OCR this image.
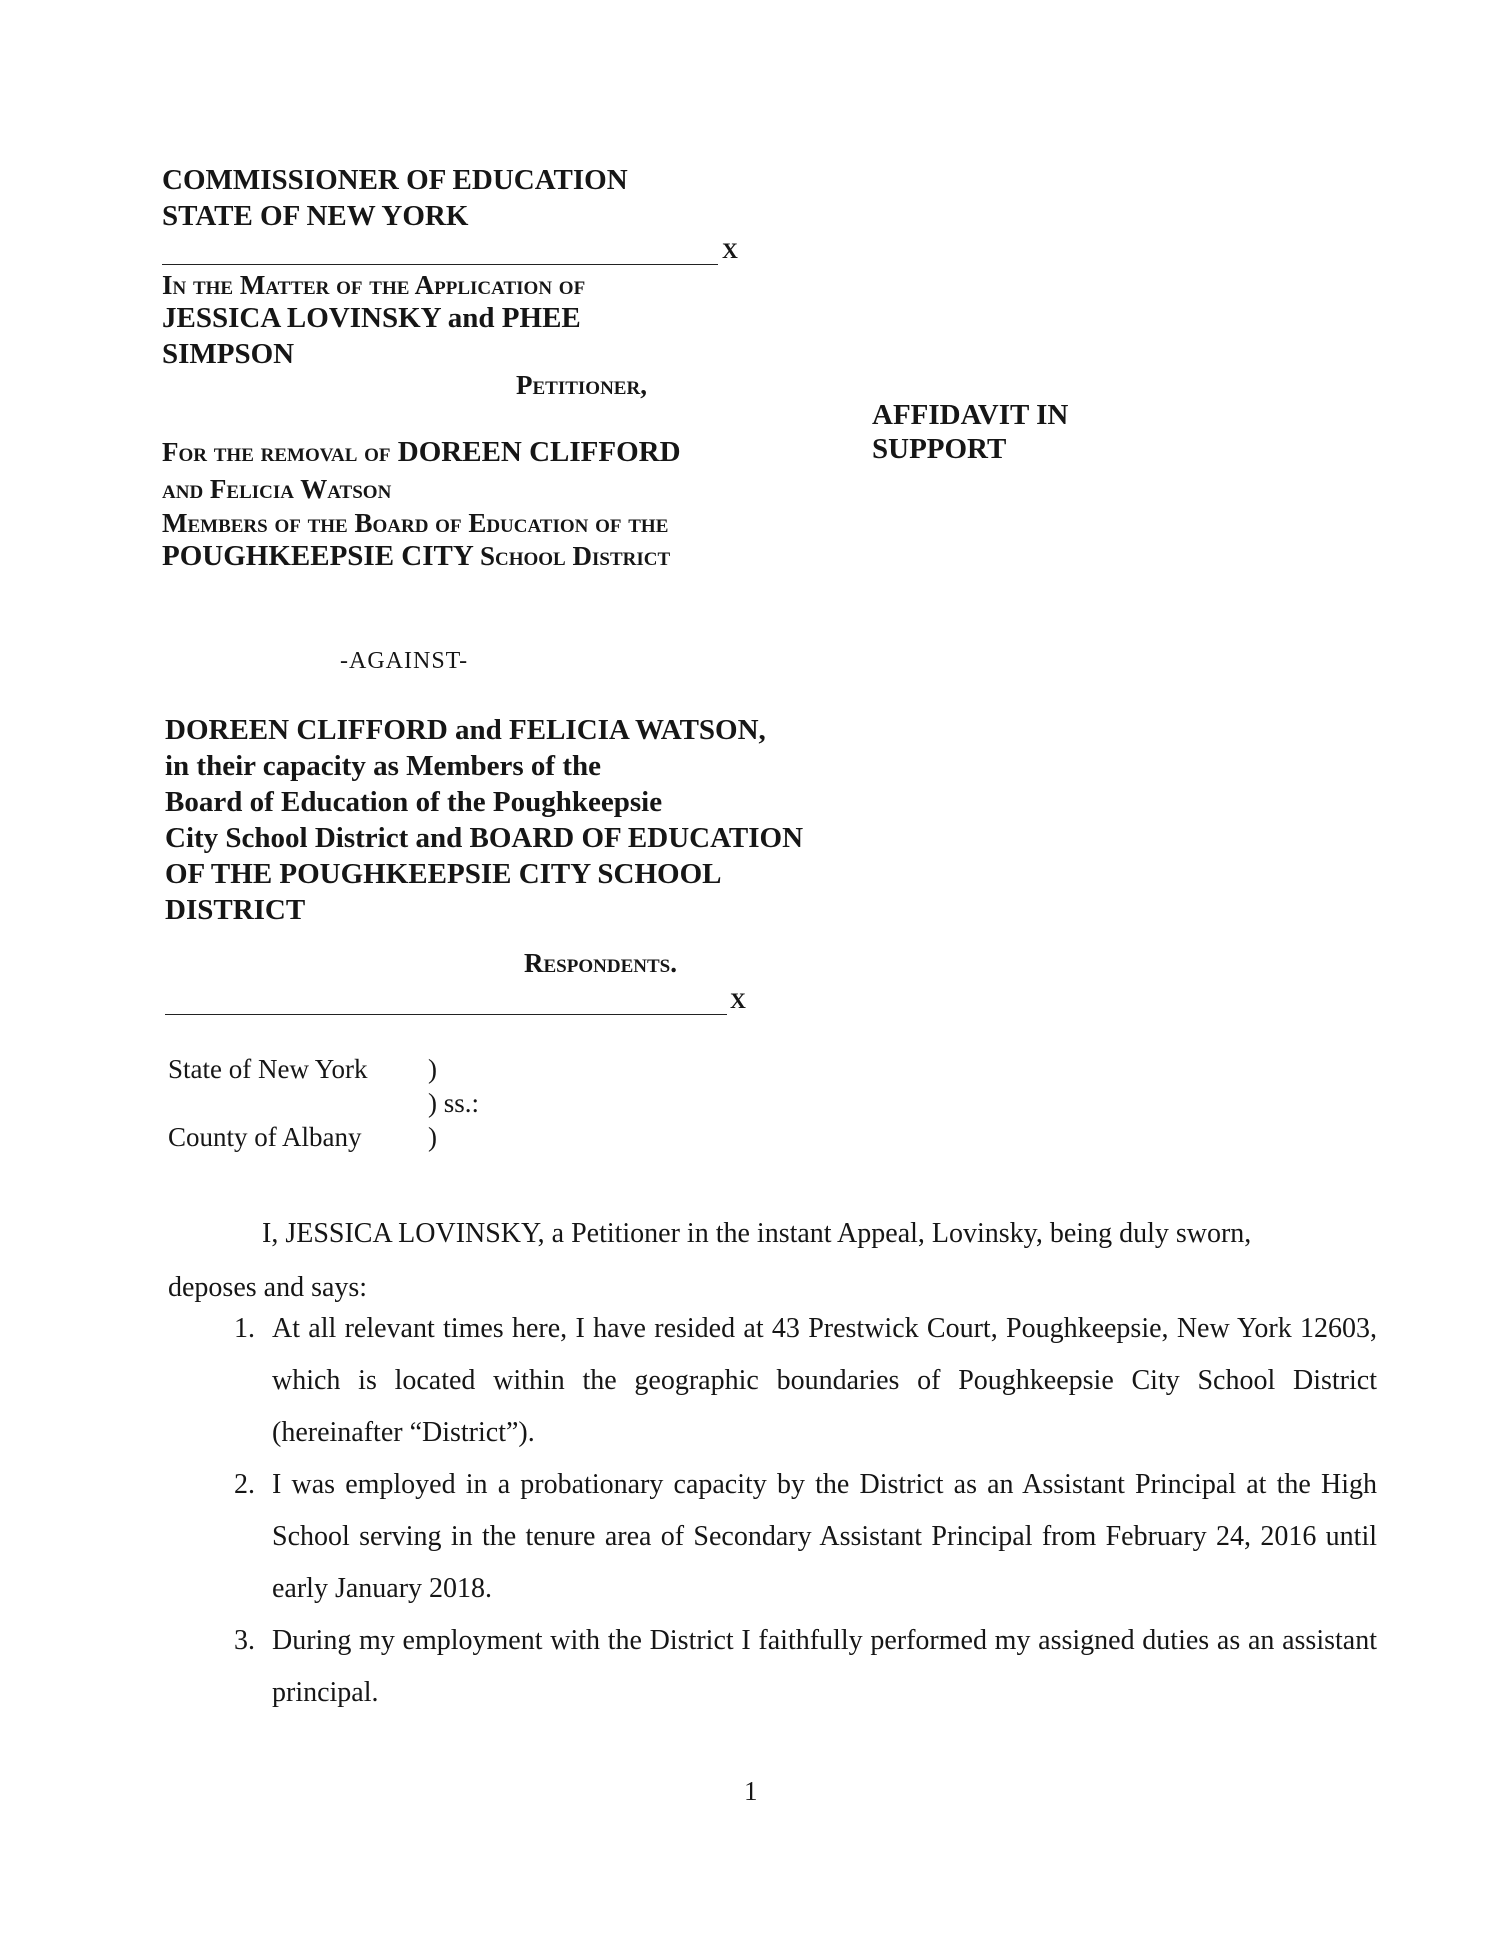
COMMISSIONER OF EDUCATION
STATE OF NEW YORK
X
In the Matter of the Application of
JESSICA LOVINSKY and PHEE
SIMPSON
Petitioner,
For the removal of DOREEN CLIFFORD
and Felicia Watson
Members of the Board of Education of the
POUGHKEEPSIE CITY School District
AFFIDAVIT IN
SUPPORT
-AGAINST-
DOREEN CLIFFORD and FELICIA WATSON,
in their capacity as Members of the
Board of Education of the Poughkeepsie
City School District and BOARD OF EDUCATION
OF THE POUGHKEEPSIE CITY SCHOOL
DISTRICT
Respondents.
X
State of New York )
) ss.:
County of Albany )
I, JESSICA LOVINSKY, a Petitioner in the instant Appeal, Lovinsky, being duly sworn,
deposes and says:
1. At all relevant times here, I have resided at 43 Prestwick Court, Poughkeepsie, New York 12603, which is located within the geographic boundaries of Poughkeepsie City School District (hereinafter “District”).
2. I was employed in a probationary capacity by the District as an Assistant Principal at the High School serving in the tenure area of Secondary Assistant Principal from February 24, 2016 until early January 2018.
3. During my employment with the District I faithfully performed my assigned duties as an assistant principal.
1
